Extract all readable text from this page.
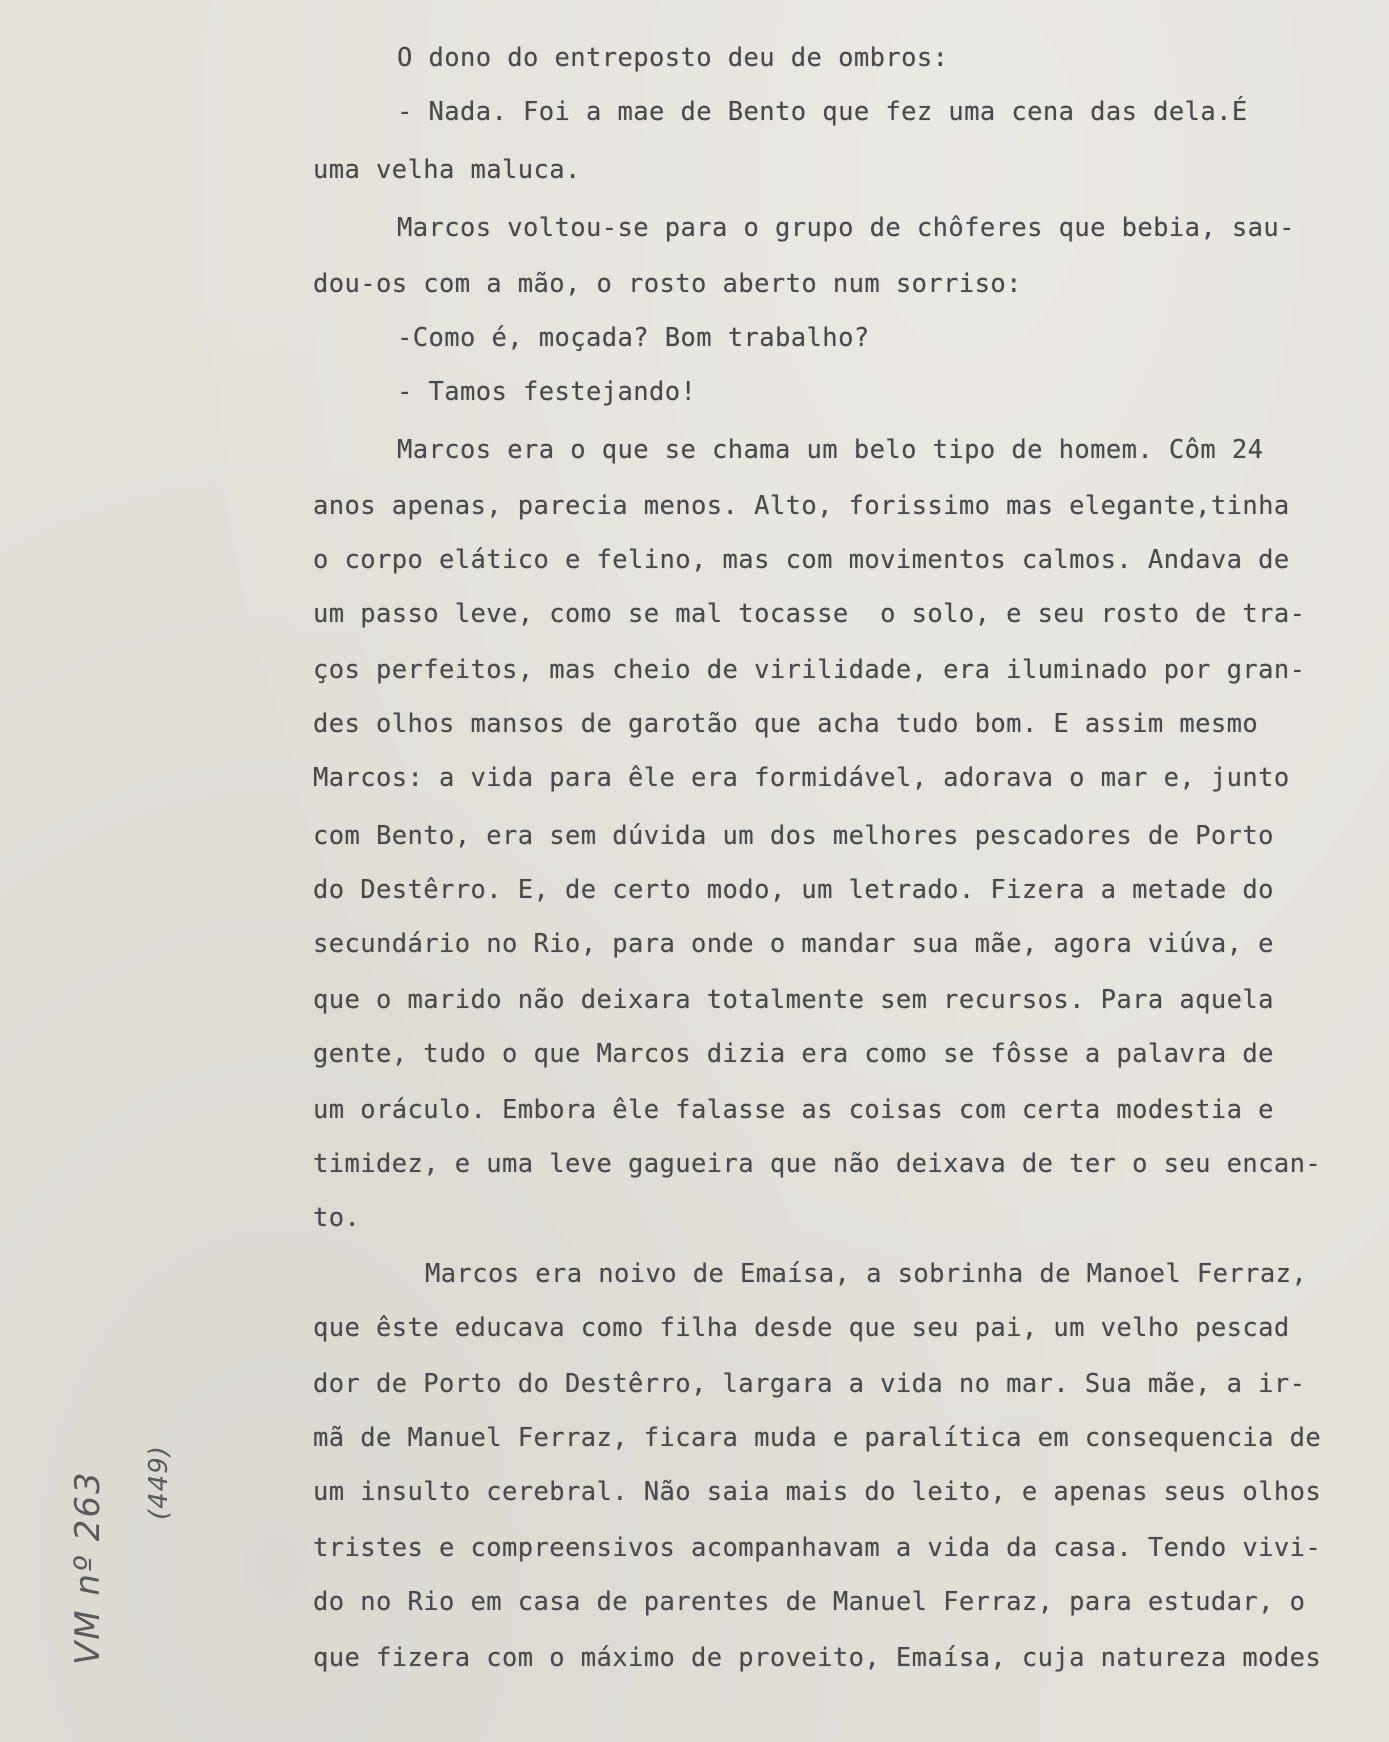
O dono do entreposto deu de ombros:
- Nada. Foi a mae de Bento que fez uma cena das dela.É
uma velha maluca.
Marcos voltou-se para o grupo de chôferes que bebia, sau-
dou-os com a mão, o rosto aberto num sorriso:
-Como é, moçada? Bom trabalho?
- Tamos festejando!
Marcos era o que se chama um belo tipo de homem. Côm 24
anos apenas, parecia menos. Alto, forissimo mas elegante,tinha
o corpo elático e felino, mas com movimentos calmos. Andava de
um passo leve, como se mal tocasse  o solo, e seu rosto de tra-
ços perfeitos, mas cheio de virilidade, era iluminado por gran-
des olhos mansos de garotão que acha tudo bom. E assim mesmo
Marcos: a vida para êle era formidável, adorava o mar e, junto
com Bento, era sem dúvida um dos melhores pescadores de Porto
do Destêrro. E, de certo modo, um letrado. Fizera a metade do
secundário no Rio, para onde o mandar sua mãe, agora viúva, e
que o marido não deixara totalmente sem recursos. Para aquela
gente, tudo o que Marcos dizia era como se fôsse a palavra de
um oráculo. Embora êle falasse as coisas com certa modestia e
timidez, e uma leve gagueira que não deixava de ter o seu encan-
to.
Marcos era noivo de Emaísa, a sobrinha de Manoel Ferraz,
que êste educava como filha desde que seu pai, um velho pescad
dor de Porto do Destêrro, largara a vida no mar. Sua mãe, a ir-
mã de Manuel Ferraz, ficara muda e paralítica em consequencia de
um insulto cerebral. Não saia mais do leito, e apenas seus olhos
tristes e compreensivos acompanhavam a vida da casa. Tendo vivi-
do no Rio em casa de parentes de Manuel Ferraz, para estudar, o
que fizera com o máximo de proveito, Emaísa, cuja natureza modes

VM nº 263

(449)
